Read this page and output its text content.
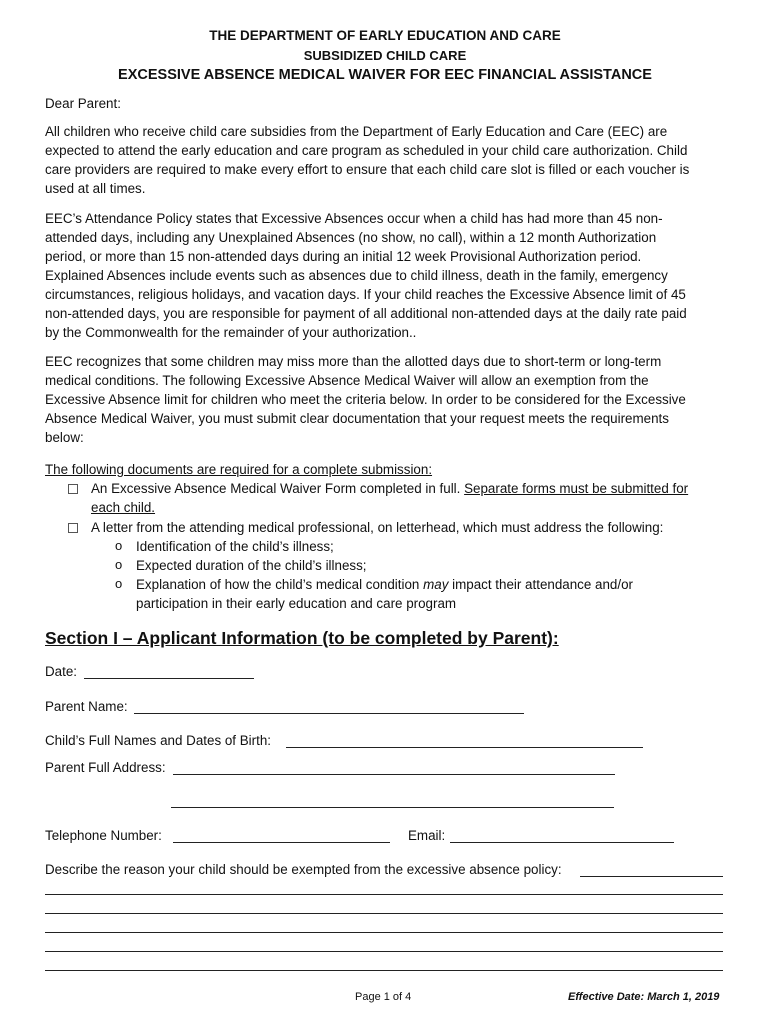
THE DEPARTMENT OF EARLY EDUCATION AND CARE
SUBSIDIZED CHILD CARE
EXCESSIVE ABSENCE MEDICAL WAIVER FOR EEC FINANCIAL ASSISTANCE
Dear Parent:
All children who receive child care subsidies from the Department of Early Education and Care (EEC) are
expected to attend the early education and care program as scheduled in your child care authorization. Child
care providers are required to make every effort to ensure that each child care slot is filled or each voucher is
used at all times.
EEC’s Attendance Policy states that Excessive Absences occur when a child has had more than 45 non-
attended days, including any Unexplained Absences (no show, no call), within a 12 month Authorization
period, or more than 15 non-attended days during an initial 12 week Provisional Authorization period.
Explained Absences include events such as absences due to child illness, death in the family, emergency
circumstances, religious holidays, and vacation days. If your child reaches the Excessive Absence limit of 45
non-attended days, you are responsible for payment of all additional non-attended days at the daily rate paid
by the Commonwealth for the remainder of your authorization..
EEC recognizes that some children may miss more than the allotted days due to short-term or long-term
medical conditions. The following Excessive Absence Medical Waiver will allow an exemption from the
Excessive Absence limit for children who meet the criteria below. In order to be considered for the Excessive
Absence Medical Waiver, you must submit clear documentation that your request meets the requirements
below:
The following documents are required for a complete submission:
An Excessive Absence Medical Waiver Form completed in full. Separate forms must be submitted for
each child.
A letter from the attending medical professional, on letterhead, which must address the following:
o Identification of the child’s illness;
o Expected duration of the child’s illness;
o Explanation of how the child’s medical condition may impact their attendance and/or
participation in their early education and care program
Section I – Applicant Information (to be completed by Parent):
Date:
Parent Name:
Child’s Full Names and Dates of Birth:
Parent Full Address:
Telephone Number:	Email:
Describe the reason your child should be exempted from the excessive absence policy:
Page 1 of 4	Effective Date: March 1, 2019
